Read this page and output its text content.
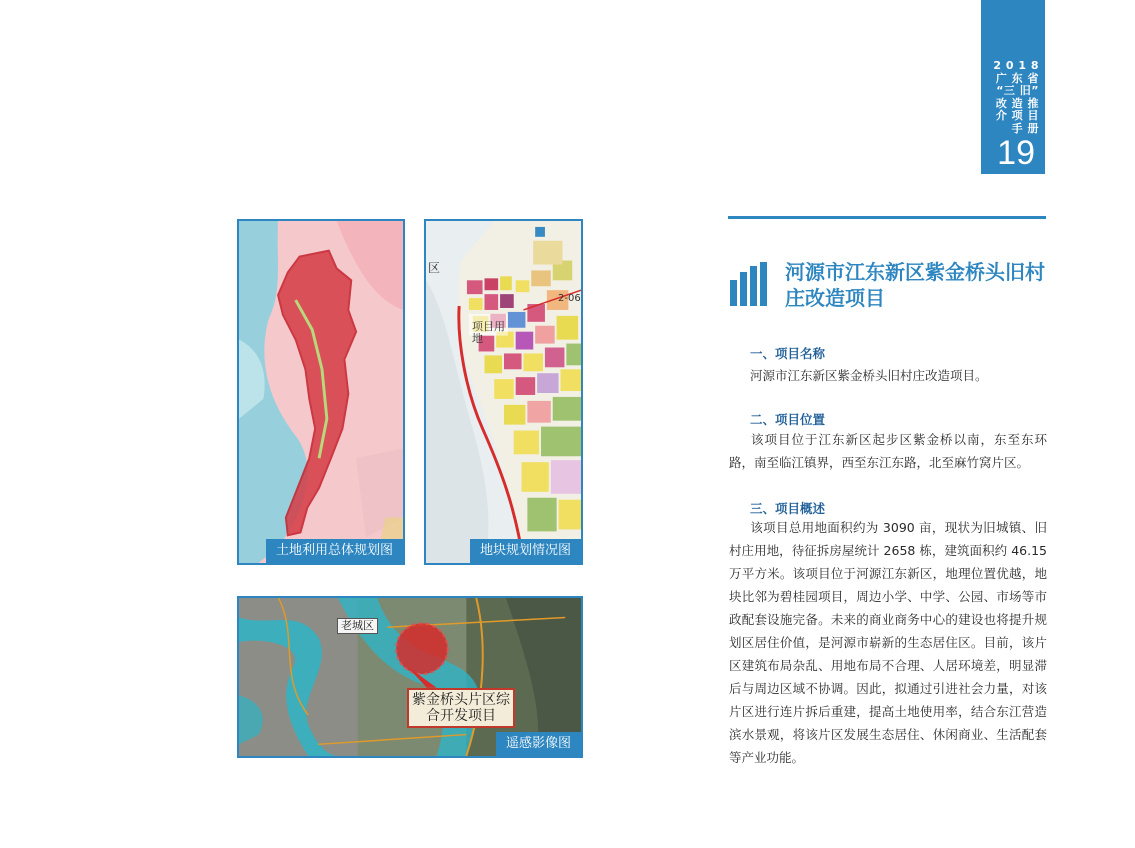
2 0 1 8
广 东 省
“三 旧”
改 造 推
介 项 目
手 册
19
土地利用总体规划图
区
项目用地
2-06
地块规划情况图
老城区
紫金桥头片区综合开发项目
遥感影像图
河源市江东新区紫金桥头旧村庄改造项目
一、项目名称
河源市江东新区紫金桥头旧村庄改造项目。
二、项目位置
该项目位于江东新区起步区紫金桥以南，东至东环路，南至临江镇界，西至东江东路，北至麻竹窝片区。
三、项目概述
该项目总用地面积约为 3090 亩，现状为旧城镇、旧村庄用地，待征拆房屋统计 2658 栋，建筑面积约 46.15 万平方米。该项目位于河源江东新区，地理位置优越，地块比邻为碧桂园项目，周边小学、中学、公园、市场等市政配套设施完备。未来的商业商务中心的建设也将提升规划区居住价值，是河源市崭新的生态居住区。目前，该片区建筑布局杂乱、用地布局不合理、人居环境差，明显滞后与周边区域不协调。因此，拟通过引进社会力量，对该片区进行连片拆后重建，提高土地使用率，结合东江营造滨水景观，将该片区发展生态居住、休闲商业、生活配套等产业功能。
